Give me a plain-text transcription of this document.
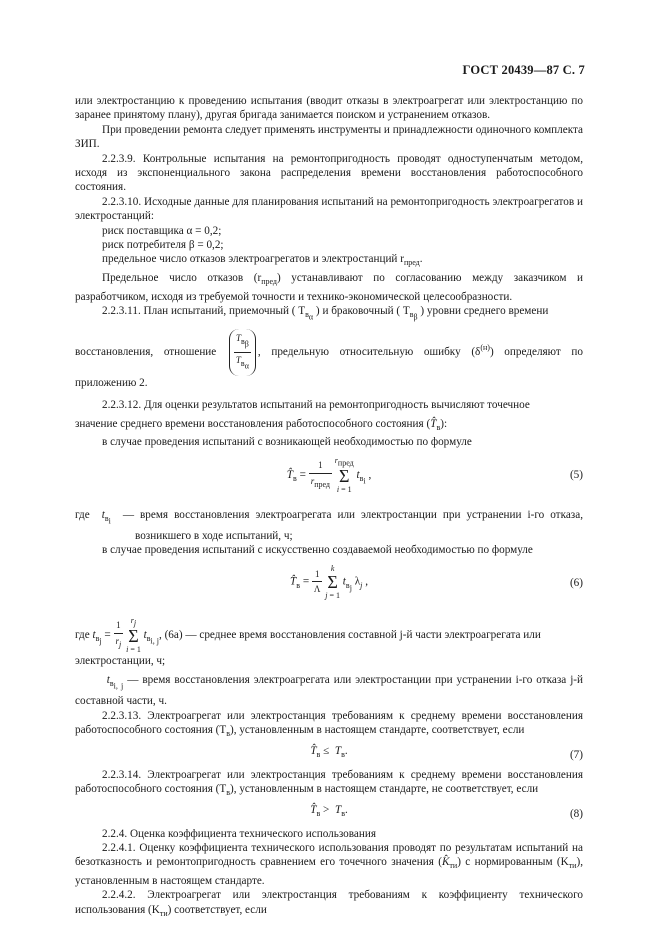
ГОСТ 20439—87 С. 7

или электростанцию к проведению испытания (вводит отказы в электроагрегат или электростанцию по заранее принятому плану), другая бригада занимается поиском и устранением отказов.

При проведении ремонта следует применять инструменты и принадлежности одиночного комплекта ЗИП.

2.2.3.9. Контрольные испытания на ремонтопригодность проводят одноступенчатым методом, исходя из экспоненциального закона распределения времени восстановления работоспособного состояния.

2.2.3.10. Исходные данные для планирования испытаний на ремонтопригодность электроагрегатов и электростанций:

риск поставщика α = 0,2;

риск потребителя β = 0,2;

предельное число отказов электроагрегатов и электростанций $r_{пред}$.

Предельное число отказов $(r_{пред})$ устанавливают по согласованию между заказчиком и разработчиком, исходя из требуемой точности и технико-экономической целесообразности.

2.2.3.11. План испытаний, приемочный ( $T_{в_\alpha}$ ) и браковочный ( $T_{в_\beta}$ ) уровни среднего времени

восстановления, отношение $\frac{T_{в_\beta}}{T_{в_\alpha}}$ , предельную относительную ошибку $(\delta^{(н)})$ определяют по приложению 2.

2.2.3.12. Для оценки результатов испытаний на ремонтопригодность вычисляют точечное

значение среднего времени восстановления работоспособного состояния $(T̂_в)$:

в случае проведения испытаний с возникающей необходимостью по формуле

$T̂_в = \frac{1}{r_{пред}} r_{пред}$
Σ
i = 1 $t_{в_i}$ ,	(5)

где $t_{в_i}$  — время восстановления электроагрегата или электростанции при устранении i-го отказа, возникшего в ходе испытаний, ч;

в случае проведения испытаний с искусственно создаваемой необходимостью по формуле

$T̂_в = \frac{1}{\Lambda}$ k
Σ
j = 1 $t_{в_j}$ $\lambda_j$ ,	(6)

где $t_{в_j} = \frac{1}{r_j} r_j$
Σ
i = 1 $t_{в_{i, j}}$, (6а) — среднее время восстановления составной j-й части электроагрегата или

электростанции, ч;

$t_{в_{i, j}}$ — время восстановления электроагрегата или электростанции при устранении i-го отказа j-й составной части, ч.

2.2.3.13. Электроагрегат или электростанция требованиям к среднему времени восстановления работоспособного состояния $(T_в)$, установленным в настоящем стандарте, соответствует, если

$T̂_в \le T_в$.	(7)

2.2.3.14. Электроагрегат или электростанция требованиям к среднему времени восстановления работоспособного состояния $(T_в)$, установленным в настоящем стандарте, не соответствует, если

$T̂_в > T_в$.	(8)

2.2.4. Оценка коэффициента технического использования

2.2.4.1. Оценку коэффициента технического использования проводят по результатам испытаний на безотказность и ремонтопригодность сравнением его точечного значения $(K̂_{ти})$ с нормированным $(K_{ти})$, установленным в настоящем стандарте.

2.2.4.2. Электроагрегат или электростанция требованиям к коэффициенту технического использования $(K_{ти})$ соответствует, если
